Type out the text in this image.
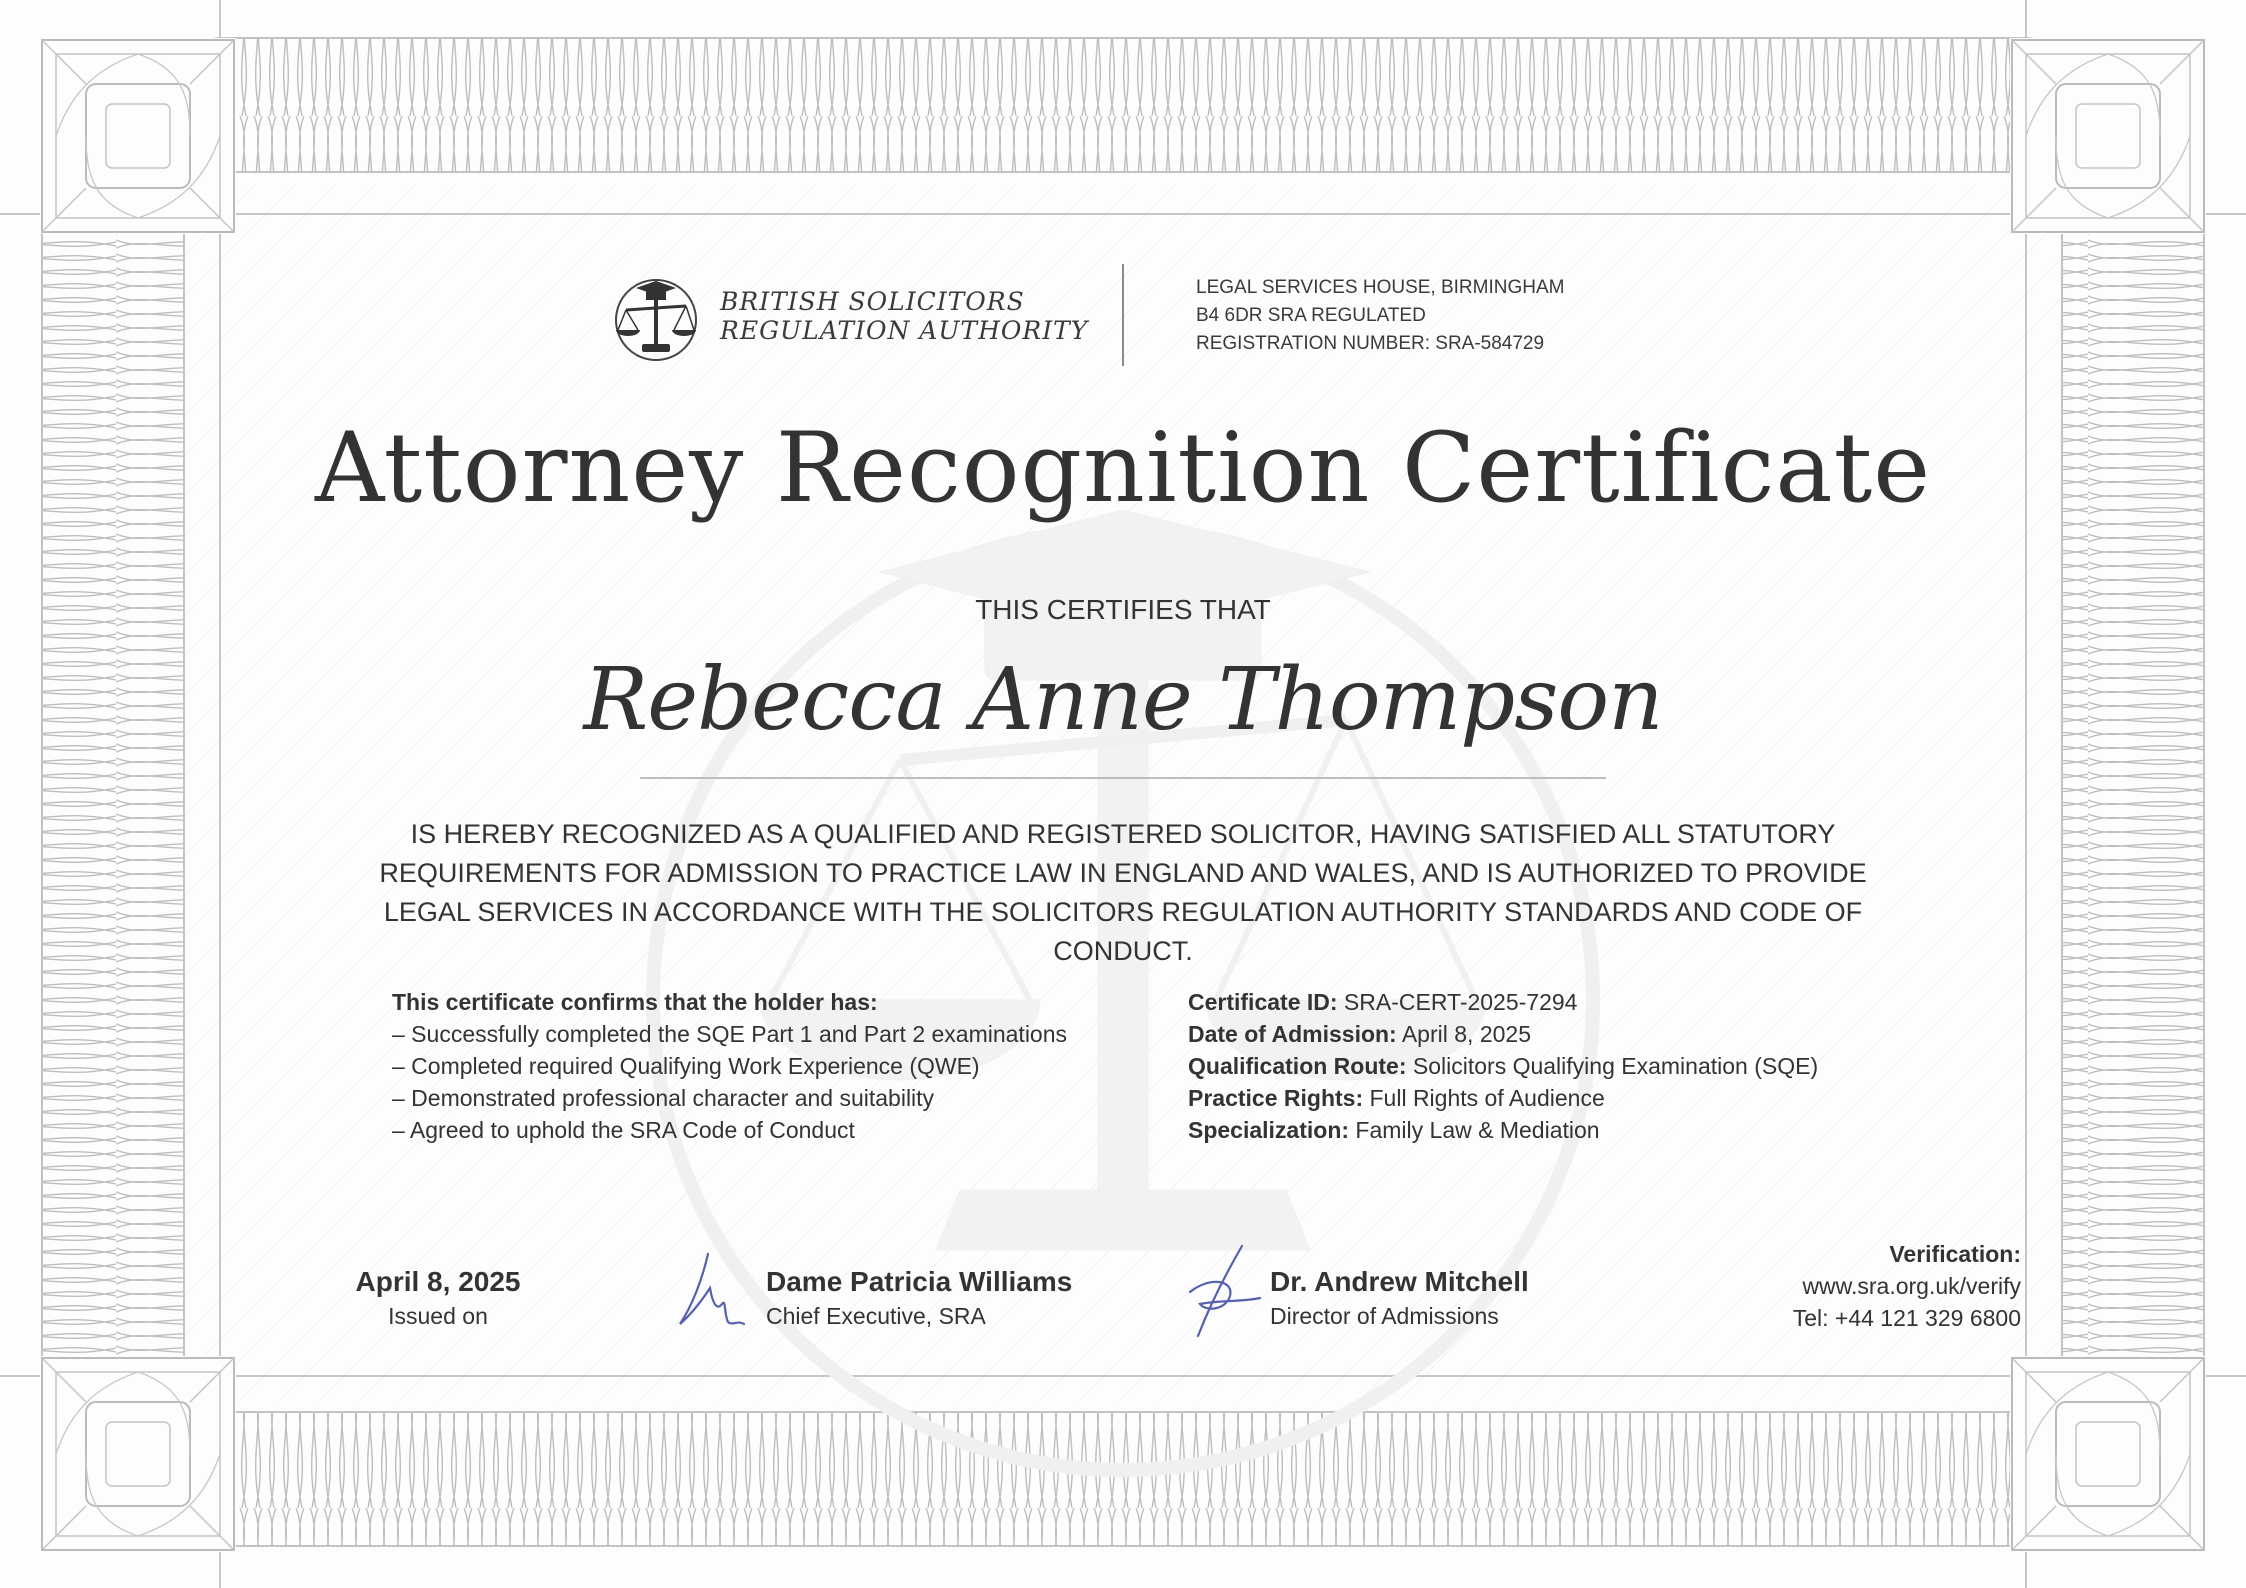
BRITISH SOLICITORS
REGULATION AUTHORITY
LEGAL SERVICES HOUSE, BIRMINGHAM
B4 6DR SRA REGULATED
REGISTRATION NUMBER: SRA-584729
Attorney Recognition Certificate
THIS CERTIFIES THAT
Rebecca Anne Thompson
IS HEREBY RECOGNIZED AS A QUALIFIED AND REGISTERED SOLICITOR, HAVING SATISFIED ALL STATUTORY REQUIREMENTS FOR ADMISSION TO PRACTICE LAW IN ENGLAND AND WALES, AND IS AUTHORIZED TO PROVIDE LEGAL SERVICES IN ACCORDANCE WITH THE SOLICITORS REGULATION AUTHORITY STANDARDS AND CODE OF CONDUCT.
This certificate confirms that the holder has:
– Successfully completed the SQE Part 1 and Part 2 examinations
– Completed required Qualifying Work Experience (QWE)
– Demonstrated professional character and suitability
– Agreed to uphold the SRA Code of Conduct
Certificate ID: SRA-CERT-2025-7294
Date of Admission: April 8, 2025
Qualification Route: Solicitors Qualifying Examination (SQE)
Practice Rights: Full Rights of Audience
Specialization: Family Law & Mediation
April 8, 2025
Issued on
Dame Patricia Williams
Chief Executive, SRA
Dr. Andrew Mitchell
Director of Admissions
Verification:
www.sra.org.uk/verify
Tel: +44 121 329 6800
